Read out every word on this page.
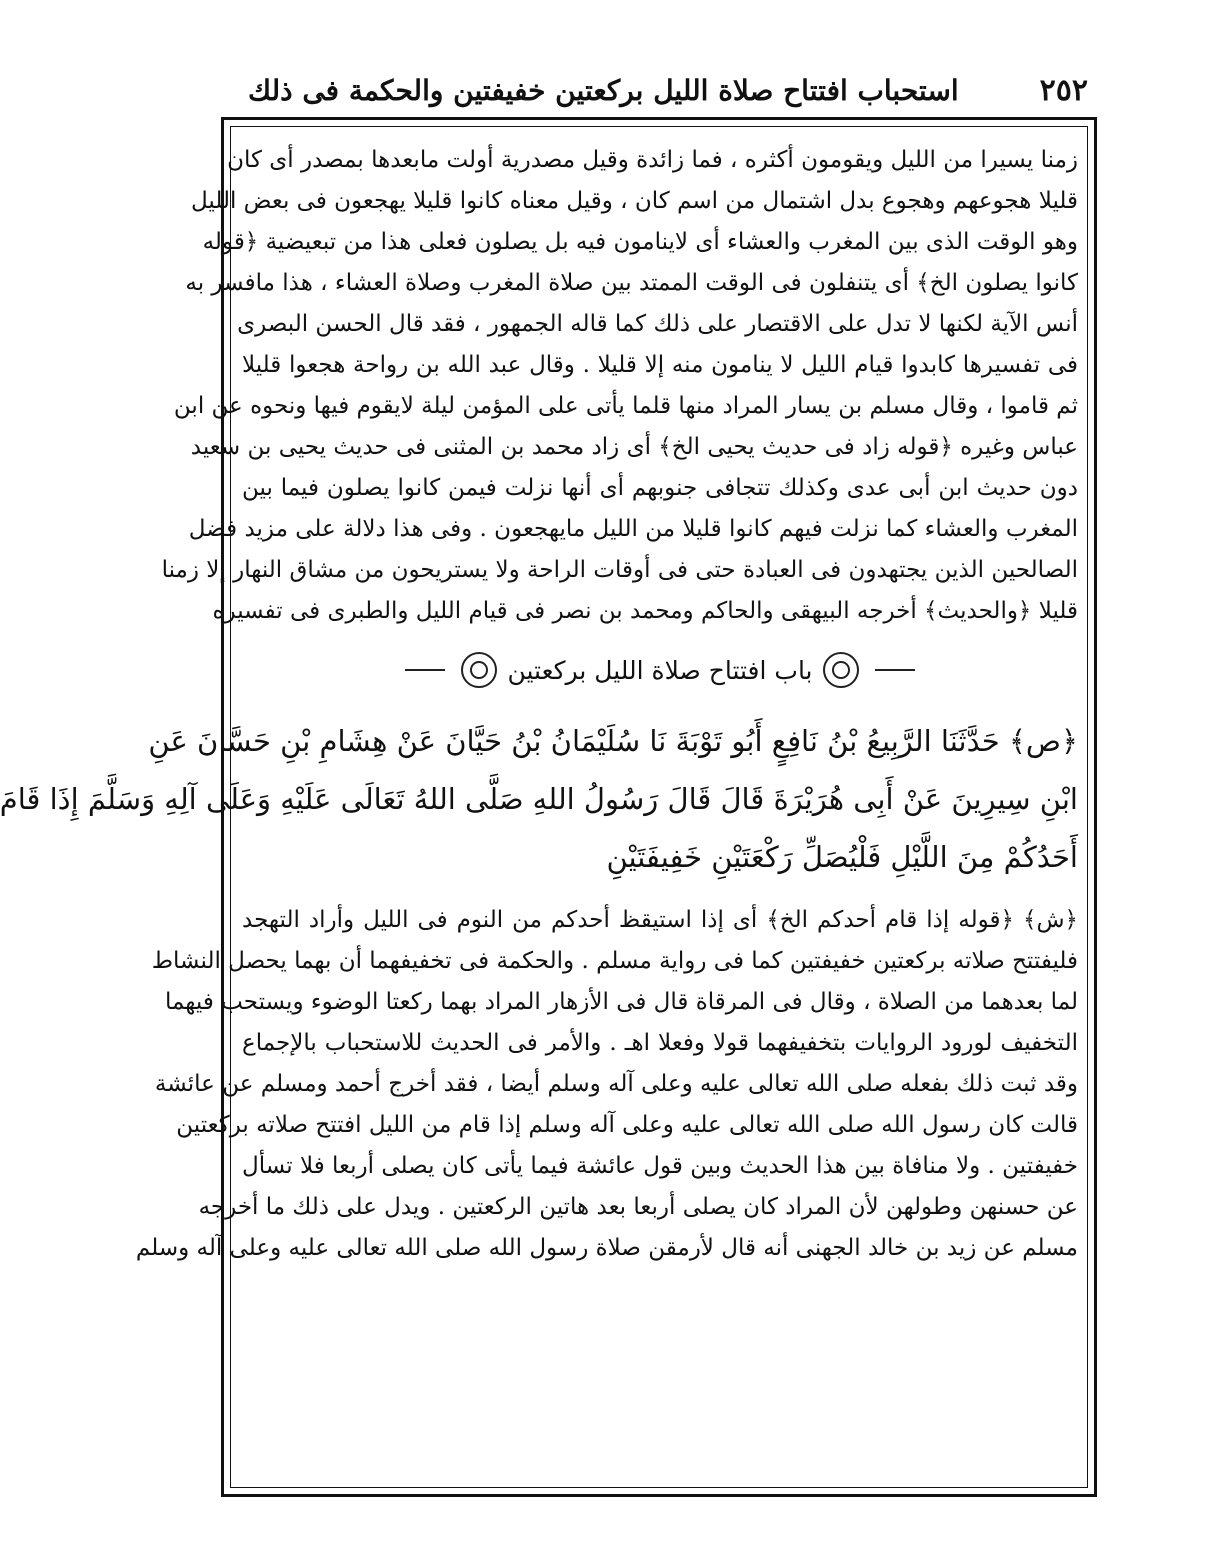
٢٥٢
استحباب افتتاح صلاة الليل بركعتين خفيفتين والحكمة فى ذلك
زمنا يسيرا من الليل ويقومون أكثره ، فما زائدة وقيل مصدرية أولت مابعدها بمصدر أى كان
قليلا هجوعهم وهجوع بدل اشتمال من اسم كان ، وقيل معناه كانوا قليلا يهجعون فى بعض الليل
وهو الوقت الذى بين المغرب والعشاء أى لاينامون فيه بل يصلون فعلى هذا من تبعيضية ﴿قوله
كانوا يصلون الخ﴾ أى يتنفلون فى الوقت الممتد بين صلاة المغرب وصلاة العشاء ، هذا مافسر به
أنس الآية لكنها لا تدل على الاقتصار على ذلك كما قاله الجمهور ، فقد قال الحسن البصرى
فى تفسيرها كابدوا قيام الليل لا ينامون منه إلا قليلا . وقال عبد الله بن رواحة هجعوا قليلا
ثم قاموا ، وقال مسلم بن يسار المراد منها قلما يأتى على المؤمن ليلة لايقوم فيها ونحوه عن ابن
عباس وغيره ﴿قوله زاد فى حديث يحيى الخ﴾ أى زاد محمد بن المثنى فى حديث يحيى بن سعيد
دون حديث ابن أبى عدى وكذلك تتجافى جنوبهم أى أنها نزلت فيمن كانوا يصلون فيما بين
المغرب والعشاء كما نزلت فيهم كانوا قليلا من الليل مايهجعون . وفى هذا دلالة على مزيد فضل
الصالحين الذين يجتهدون فى العبادة حتى فى أوقات الراحة ولا يستريحون من مشاق النهار إلا زمنا
قليلا ﴿والحديث﴾ أخرجه البيهقى والحاكم ومحمد بن نصر فى قيام الليل والطبرى فى تفسيره
باب افتتاح صلاة الليل بركعتين
﴿ص﴾ حَدَّثَنَا الرَّبِيعُ بْنُ نَافِعٍ أَبُو تَوْبَةَ نَا سُلَيْمَانُ بْنُ حَيَّانَ عَنْ هِشَامِ بْنِ حَسَّانَ عَنِ
ابْنِ سِيرِينَ عَنْ أَبِى هُرَيْرَةَ قَالَ قَالَ رَسُولُ اللهِ صَلَّى اللهُ تَعَالَى عَلَيْهِ وَعَلَى آلِهِ وَسَلَّمَ إِذَا قَامَ
أَحَدُكُمْ مِنَ اللَّيْلِ فَلْيُصَلِّ رَكْعَتَيْنِ خَفِيفَتَيْنِ
﴿ش﴾ ﴿قوله إذا قام أحدكم الخ﴾ أى إذا استيقظ أحدكم من النوم فى الليل وأراد التهجد
فليفتتح صلاته بركعتين خفيفتين كما فى رواية مسلم . والحكمة فى تخفيفهما أن بهما يحصل النشاط
لما بعدهما من الصلاة ، وقال فى المرقاة قال فى الأزهار المراد بهما ركعتا الوضوء ويستحب فيهما
التخفيف لورود الروايات بتخفيفهما قولا وفعلا اهـ . والأمر فى الحديث للاستحباب بالإجماع
وقد ثبت ذلك بفعله صلى الله تعالى عليه وعلى آله وسلم أيضا ، فقد أخرج أحمد ومسلم عن عائشة
قالت كان رسول الله صلى الله تعالى عليه وعلى آله وسلم إذا قام من الليل افتتح صلاته بركعتين
خفيفتين . ولا منافاة بين هذا الحديث وبين قول عائشة فيما يأتى كان يصلى أربعا فلا تسأل
عن حسنهن وطولهن لأن المراد كان يصلى أربعا بعد هاتين الركعتين . ويدل على ذلك ما أخرجه
مسلم عن زيد بن خالد الجهنى أنه قال لأرمقن صلاة رسول الله صلى الله تعالى عليه وعلى آله وسلم
